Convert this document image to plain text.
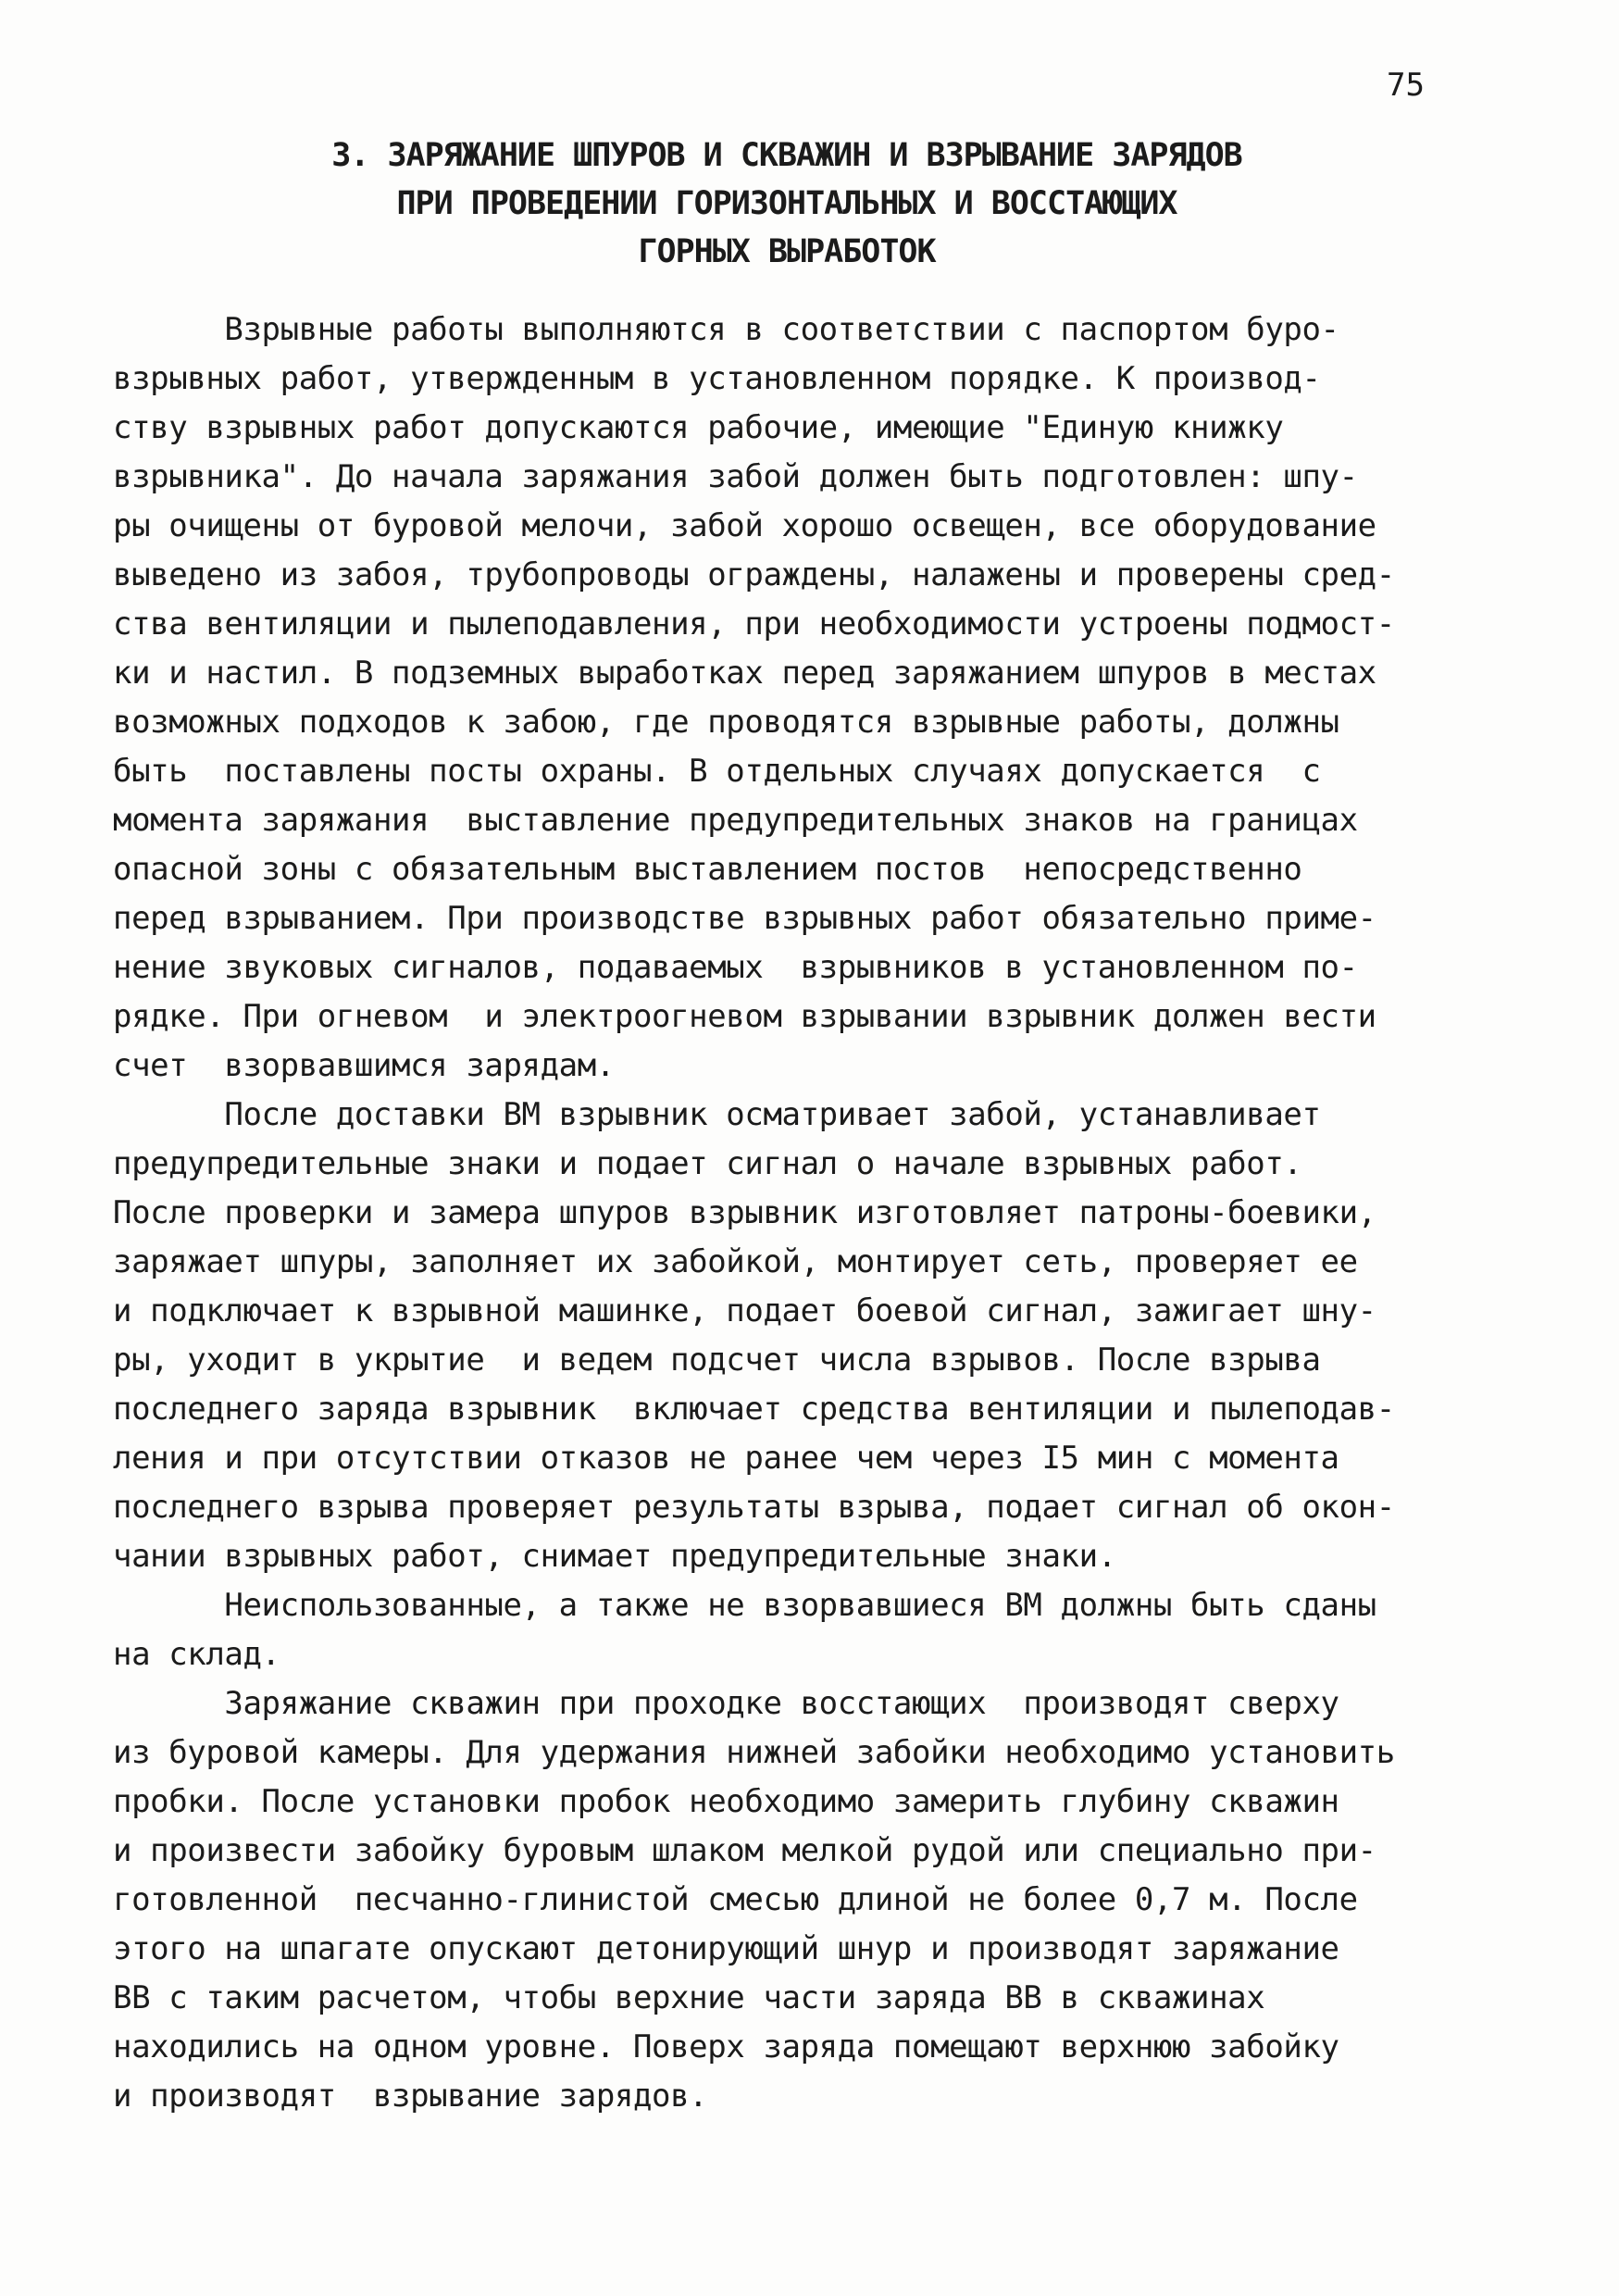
75
3. ЗАРЯЖАНИЕ ШПУРОВ И СКВАЖИН И ВЗРЫВАНИЕ ЗАРЯДОВ
ПРИ ПРОВЕДЕНИИ ГОРИЗОНТАЛЬНЫХ И ВОССТАЮЩИХ
ГОРНЫХ ВЫРАБОТОК
Взрывные работы выполняются в соответствии с паспортом буро-
взрывных работ, утвержденным в установленном порядке. К производ-
ству взрывных работ допускаются рабочие, имеющие "Единую книжку
взрывника". До начала заряжания забой должен быть подготовлен: шпу-
ры очищены от буровой мелочи, забой хорошо освещен, все оборудование
выведено из забоя, трубопроводы ограждены, налажены и проверены сред-
ства вентиляции и пылеподавления, при необходимости устроены подмост-
ки и настил. В подземных выработках перед заряжанием шпуров в местах
возможных подходов к забою, где проводятся взрывные работы, должны
быть  поставлены посты охраны. В отдельных случаях допускается  с
момента заряжания  выставление предупредительных знаков на границах
опасной зоны с обязательным выставлением постов  непосредственно
перед взрыванием. При производстве взрывных работ обязательно приме-
нение звуковых сигналов, подаваемых  взрывников в установленном по-
рядке. При огневом  и электроогневом взрывании взрывник должен вести
счет  взорвавшимся зарядам.
После доставки ВМ взрывник осматривает забой, устанавливает
предупредительные знаки и подает сигнал о начале взрывных работ.
После проверки и замера шпуров взрывник изготовляет патроны-боевики,
заряжает шпуры, заполняет их забойкой, монтирует сеть, проверяет ее
и подключает к взрывной машинке, подает боевой сигнал, зажигает шну-
ры, уходит в укрытие  и ведем подсчет числа взрывов. После взрыва
последнего заряда взрывник  включает средства вентиляции и пылеподав-
ления и при отсутствии отказов не ранее чем через I5 мин с момента
последнего взрыва проверяет результаты взрыва, подает сигнал об окон-
чании взрывных работ, снимает предупредительные знаки.
Неиспользованные, а также не взорвавшиеся ВМ должны быть сданы
на склад.
Заряжание скважин при проходке восстающих  производят сверху
из буровой камеры. Для удержания нижней забойки необходимо установить
пробки. После установки пробок необходимо замерить глубину скважин
и произвести забойку буровым шлаком мелкой рудой или специально при-
готовленной  песчанно-глинистой смесью длиной не более 0,7 м. После
этого на шпагате опускают детонирующий шнур и производят заряжание
ВВ с таким расчетом, чтобы верхние части заряда ВВ в скважинах
находились на одном уровне. Поверх заряда помещают верхнюю забойку
и производят  взрывание зарядов.
